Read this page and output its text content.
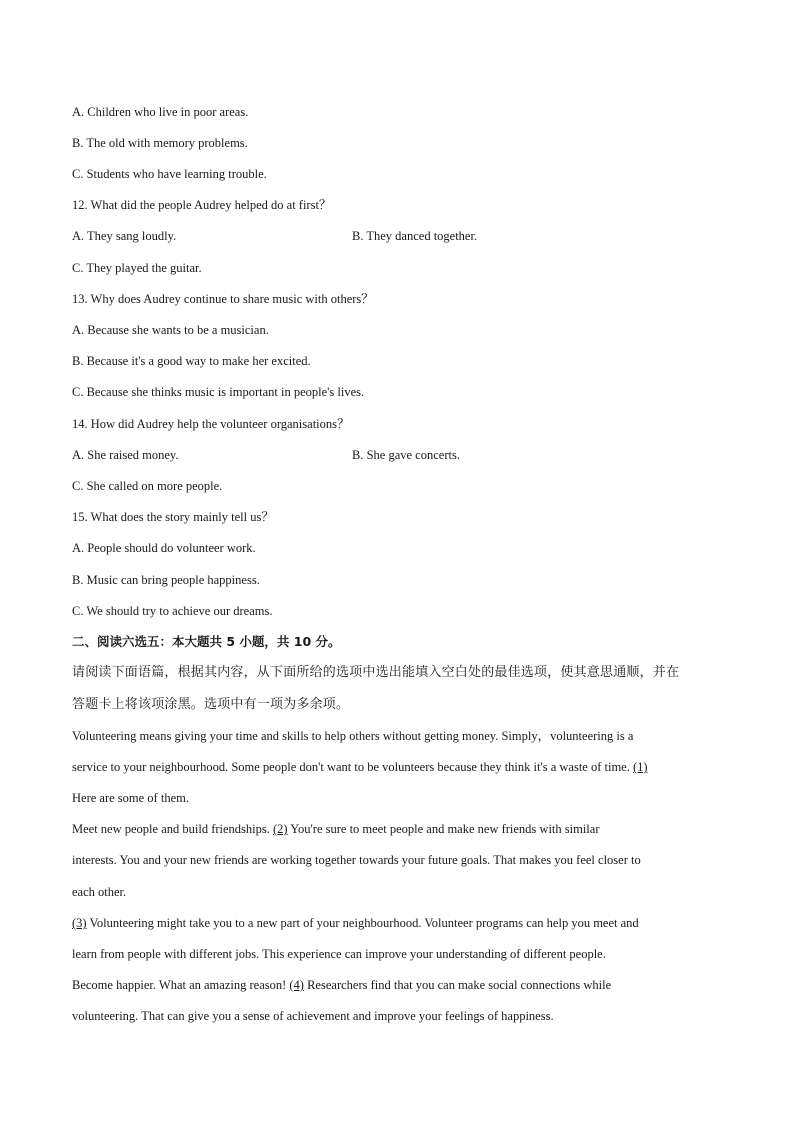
A. Children who live in poor areas.
B. The old with memory problems.
C. Students who have learning trouble.
12. What did the people Audrey helped do at first？
A. They sang loudly.	B. They danced together.
C. They played the guitar.
13. Why does Audrey continue to share music with others？
A. Because she wants to be a musician.
B. Because it's a good way to make her excited.
C. Because she thinks music is important in people's lives.
14. How did Audrey help the volunteer organisations？
A. She raised money.	B. She gave concerts.
C. She called on more people.
15. What does the story mainly tell us？
A. People should do volunteer work.
B. Music can bring people happiness.
C. We should try to achieve our dreams.
二、阅读六选五：本大题共 5 小题，共 10 分。
请阅读下面语篇，根据其内容，从下面所给的选项中选出能填入空白处的最佳选项，使其意思通顺，并在
答题卡上将该项涂黑。选项中有一项为多余项。
Volunteering means giving your time and skills to help others without getting money. Simply，volunteering is a
service to your neighbourhood. Some people don't want to be volunteers because they think it's a waste of time. (1)
Here are some of them.
Meet new people and build friendships. (2) You're sure to meet people and make new friends with similar
interests. You and your new friends are working together towards your future goals. That makes you feel closer to
each other.
(3) Volunteering might take you to a new part of your neighbourhood. Volunteer programs can help you meet and
learn from people with different jobs. This experience can improve your understanding of different people.
Become happier. What an amazing reason! (4) Researchers find that you can make social connections while
volunteering. That can give you a sense of achievement and improve your feelings of happiness.
